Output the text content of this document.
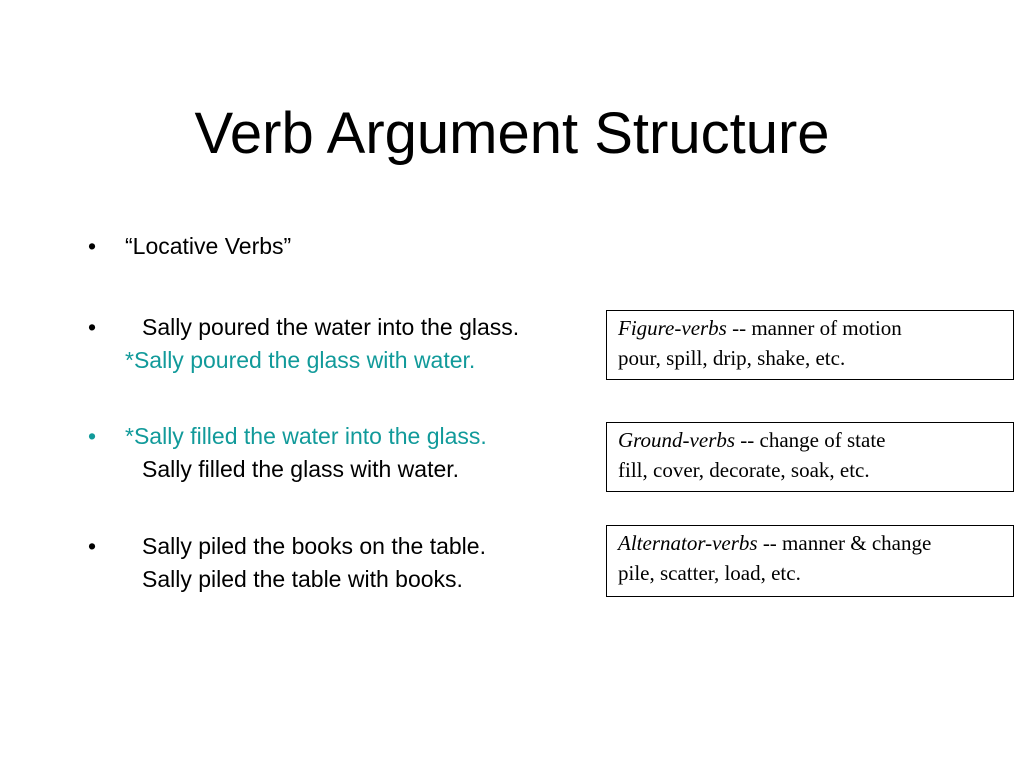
Verb Argument Structure
• “Locative Verbs”
• Sally poured the water into the glass.
*Sally poured the glass with water.
• *Sally filled the water into the glass.
Sally filled the glass with water.
• Sally piled the books on the table.
Sally piled the table with books.
Figure-verbs -- manner of motion
pour, spill, drip, shake, etc.
Ground-verbs -- change of state
fill, cover, decorate, soak, etc.
Alternator-verbs -- manner & change
pile, scatter, load, etc.
